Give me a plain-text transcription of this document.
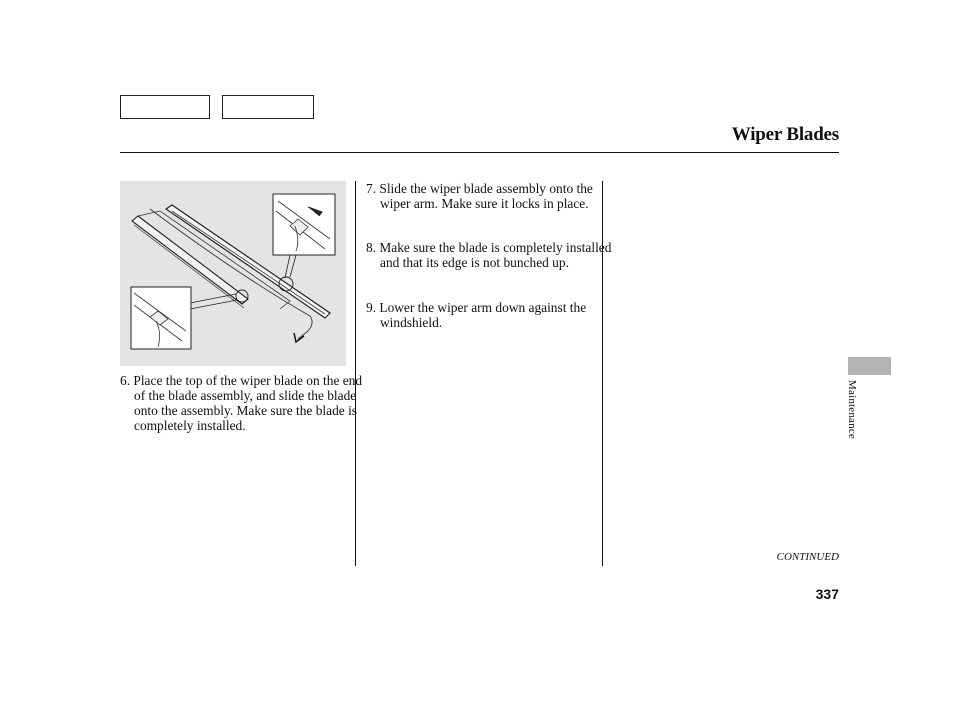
Wiper Blades
6. Place the top of the wiper blade on the end of the blade assembly, and slide the blade onto the assembly. Make sure the blade is completely installed.
7. Slide the wiper blade assembly onto the wiper arm. Make sure it locks in place.
8. Make sure the blade is completely installed and that its edge is not bunched up.
9. Lower the wiper arm down against the windshield.
Maintenance
CONTINUED
337
